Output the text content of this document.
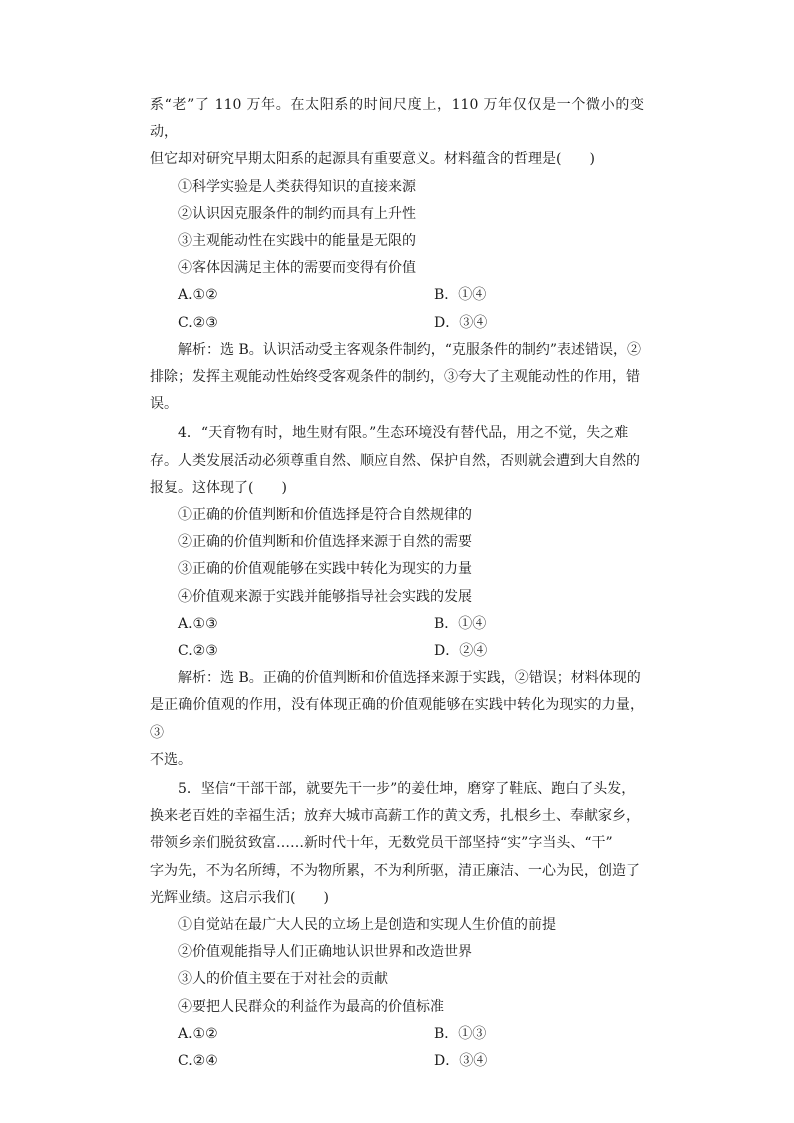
系“老”了 110 万年。在太阳系的时间尺度上，110 万年仅仅是一个微小的变动，

但它却对研究早期太阳系的起源具有重要意义。材料蕴含的哲理是(　　)

①科学实验是人类获得知识的直接来源

②认识因克服条件的制约而具有上升性

③主观能动性在实践中的能量是无限的

④客体因满足主体的需要而变得有价值

A.①②	B．①④
C.②③	D．③④

解析：选 B。认识活动受主客观条件制约，“克服条件的制约”表述错误，②

排除；发挥主观能动性始终受客观条件的制约，③夸大了主观能动性的作用，错

误。

4．“天育物有时，地生财有限。”生态环境没有替代品，用之不觉，失之难

存。人类发展活动必须尊重自然、顺应自然、保护自然，否则就会遭到大自然的

报复。这体现了(　　)

①正确的价值判断和价值选择是符合自然规律的

②正确的价值判断和价值选择来源于自然的需要

③正确的价值观能够在实践中转化为现实的力量

④价值观来源于实践并能够指导社会实践的发展

A.①③	B．①④
C.②③	D．②④

解析：选 B。正确的价值判断和价值选择来源于实践，②错误；材料体现的

是正确价值观的作用，没有体现正确的价值观能够在实践中转化为现实的力量，③

不选。

5．坚信“干部干部，就要先干一步”的姜仕坤，磨穿了鞋底、跑白了头发，

换来老百姓的幸福生活；放弃大城市高薪工作的黄文秀，扎根乡土、奉献家乡，

带领乡亲们脱贫致富……新时代十年，无数党员干部坚持“实”字当头、“干”

字为先，不为名所缚，不为物所累，不为利所驱，清正廉洁、一心为民，创造了

光辉业绩。这启示我们(　　)

①自觉站在最广大人民的立场上是创造和实现人生价值的前提

②价值观能指导人们正确地认识世界和改造世界

③人的价值主要在于对社会的贡献

④要把人民群众的利益作为最高的价值标准

A.①②	B．①③
C.②④	D．③④
